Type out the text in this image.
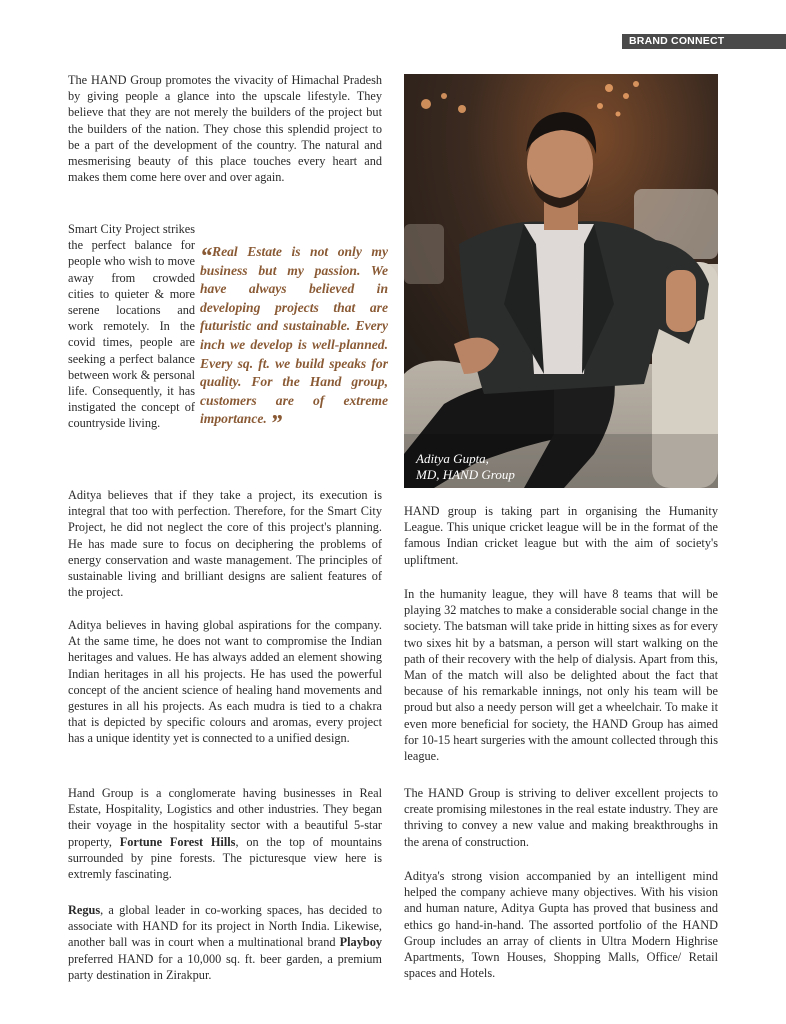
BRAND CONNECT

The HAND Group promotes the vivacity of Himachal Pradesh by giving people a glance into the upscale lifestyle. They believe that they are not merely the builders of the project but the builders of the nation. They chose this splendid project to be a part of the development of the country. The natural and mesmerising beauty of this place touches every heart and makes them come here over and over again.

Smart City Project strikes the perfect balance for people who wish to move away from crowded cities to quieter & more serene locations and work remotely. In the covid times, people are seeking a perfect balance between work & personal life. Consequently, it has instigated the concept of countryside living.

“Real Estate is not only my business but my passion. We have always believed in developing projects that are futuristic and sustainable. Every inch we develop is well-planned. Every sq. ft. we build speaks for quality. For the Hand group, customers are of extreme importance. ”

Aditya believes that if they take a project, its execution is integral that too with perfection. Therefore, for the Smart City Project, he did not neglect the core of this project's planning. He has made sure to focus on deciphering the problems of energy conservation and waste management. The principles of sustainable living and brilliant designs are salient features of the project.

Aditya believes in having global aspirations for the company. At the same time, he does not want to compromise the Indian heritages and values. He has always added an element showing Indian heritages in all his projects. He has used the powerful concept of the ancient science of healing hand movements and gestures in all his projects. As each mudra is tied to a chakra that is depicted by specific colours and aromas, every project has a unique identity yet is connected to a unified design.

Hand Group is a conglomerate having businesses in Real Estate, Hospitality, Logistics and other industries. They began their voyage in the hospitality sector with a beautiful 5-star property, Fortune Forest Hills, on the top of mountains surrounded by pine forests. The picturesque view here is extremly fascinating.

Regus, a global leader in co-working spaces, has decided to associate with HAND for its project in North India. Likewise, another ball was in court when a multinational brand Playboy preferred HAND for a 10,000 sq. ft. beer garden, a premium party destination in Zirakpur.

Aditya Gupta,
MD, HAND Group

HAND group is taking part in organising the Humanity League. This unique cricket league will be in the format of the famous Indian cricket league but with the aim of society's upliftment.

In the humanity league, they will have 8 teams that will be playing 32 matches to make a considerable social change in the society. The batsman will take pride in hitting sixes as for every two sixes hit by a batsman, a person will start walking on the path of their recovery with the help of dialysis. Apart from this, Man of the match will also be delighted about the fact that because of his remarkable innings, not only his team will be proud but also a needy person will get a wheelchair. To make it even more beneficial for society, the HAND Group has aimed for 10-15 heart surgeries with the amount collected through this league.

The HAND Group is striving to deliver excellent projects to create promising milestones in the real estate industry. They are thriving to convey a new value and making breakthroughs in the arena of construction.

Aditya's strong vision accompanied by an intelligent mind helped the company achieve many objectives. With his vision and human nature, Aditya Gupta has proved that business and ethics go hand-in-hand. The assorted portfolio of the HAND Group includes an array of clients in Ultra Modern Highrise Apartments, Town Houses, Shopping Malls, Office/ Retail spaces and Hotels.
